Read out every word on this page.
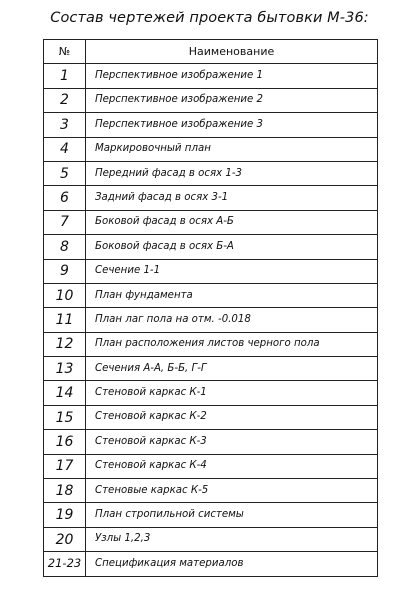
Состав чертежей проекта бытовки М-36:
№	Наименование
1	Перспективное изображение 1
2	Перспективное изображение 2
3	Перспективное изображение 3
4	Маркировочный план
5	Передний фасад в осях 1-3
6	Задний фасад в осях 3-1
7	Боковой фасад в осях А-Б
8	Боковой фасад в осях Б-А
9	Сечение 1-1
10	План фундамента
11	План лаг пола на отм. -0.018
12	План расположения листов черного пола
13	Сечения А-А, Б-Б, Г-Г
14	Стеновой каркас К-1
15	Стеновой каркас К-2
16	Стеновой каркас К-3
17	Стеновой каркас К-4
18	Стеновые каркас К-5
19	План стропильной системы
20	Узлы 1,2,3
21-23	Спецификация материалов
